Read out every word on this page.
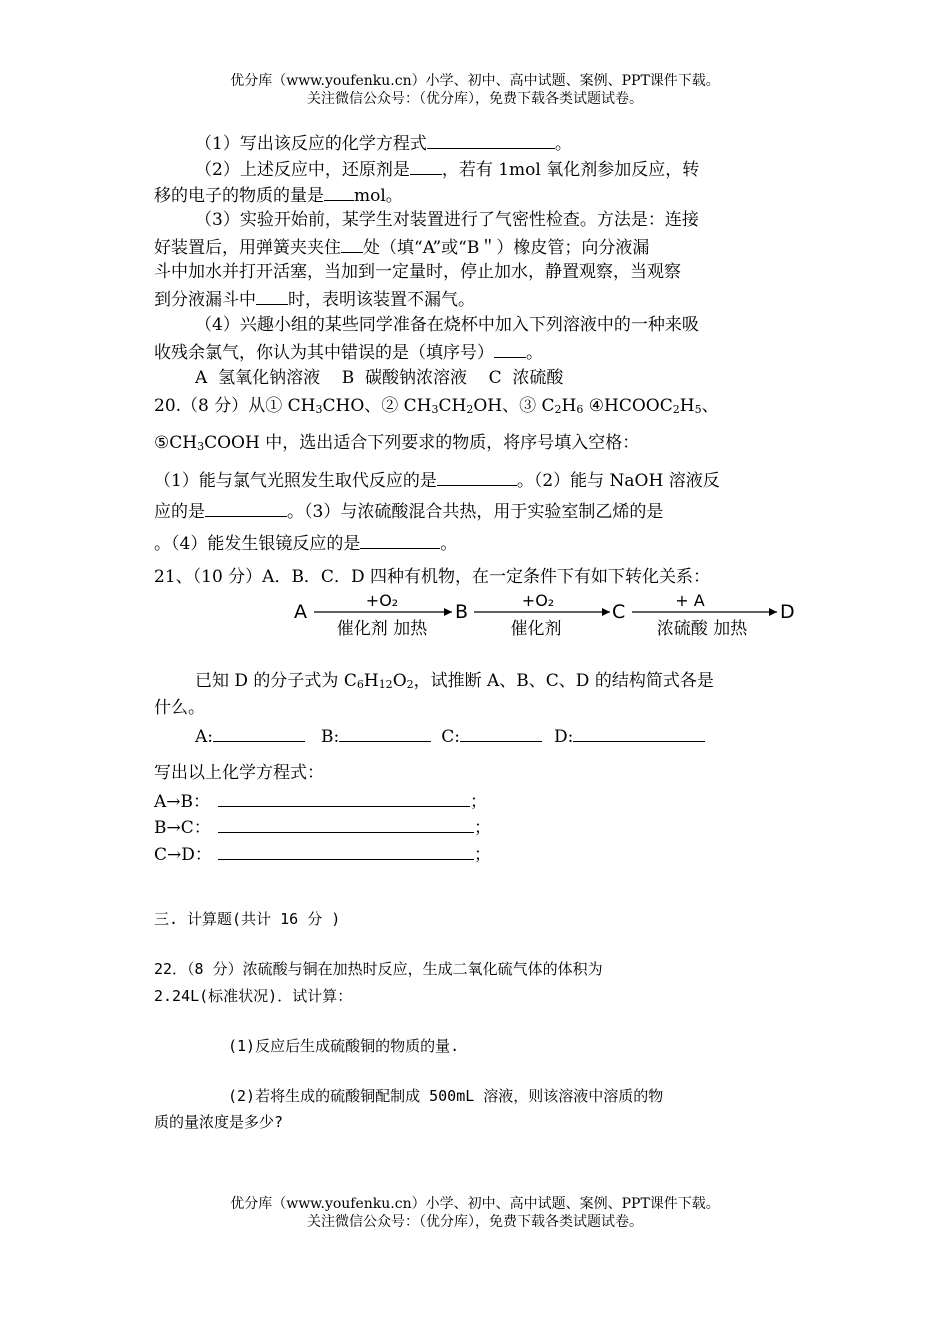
优分库（www.youfenku.cn）小学、初中、高中试题、案例、PPT课件下载。
关注微信公众号：（优分库），免费下载各类试题试卷。
（1）写出该反应的化学方程式	。
（2）上述反应中，还原剂是 ，若有 1mol 氧化剂参加反应，转
移的电子的物质的量是 mol。
（3）实验开始前，某学生对装置进行了气密性检查。方法是：连接
好装置后，用弹簧夹夹住 处（填“A”或“B＂）橡皮管；向分液漏
斗中加水并打开活塞，当加到一定量时，停止加水，静置观察，当观察
到分液漏斗中 时，表明该装置不漏气。
（4）兴趣小组的某些同学准备在烧杯中加入下列溶液中的一种来吸
收残余氯气，你认为其中错误的是（填序号） 。
A  氢氧化钠溶液    B  碳酸钠浓溶液    C  浓硫酸
20.（8 分）从① $CH_3CHO$、② $CH_3CH_2OH$、③ $C_2H_6$ $④HCOOC_2H_5$、
$⑤CH_3COOH$ 中，选出适合下列要求的物质，将序号填入空格：
（1）能与氯气光照发生取代反应的是	。（2）能与 NaOH 溶液反
应的是	。（3）与浓硫酸混合共热，用于实验室制乙烯的是
。（4）能发生银镜反应的是	。
21、（10 分）A．B．C．D 四种有机物，在一定条件下有如下转化关系：
A
+O₂
催化剂 加热
B
+O₂
催化剂
C
+ A
浓硫酸 加热
D
已知 D 的分子式为 $C_6H_{12}O_2$，试推断 A、B、C、D 的结构简式各是
什么。
A:	B:	C:	D:
写出以上化学方程式：
A→B：	；
B→C：	；
C→D：	；
三. 计算题(共计 16 分 )
22．（8 分）浓硫酸与铜在加热时反应，生成二氧化硫气体的体积为
2.24L(标准状况)．试计算：
(1)反应后生成硫酸铜的物质的量.
(2)若将生成的硫酸铜配制成 500mL 溶液，则该溶液中溶质的物
质的量浓度是多少?
优分库（www.youfenku.cn）小学、初中、高中试题、案例、PPT课件下载。
关注微信公众号：（优分库），免费下载各类试题试卷。
